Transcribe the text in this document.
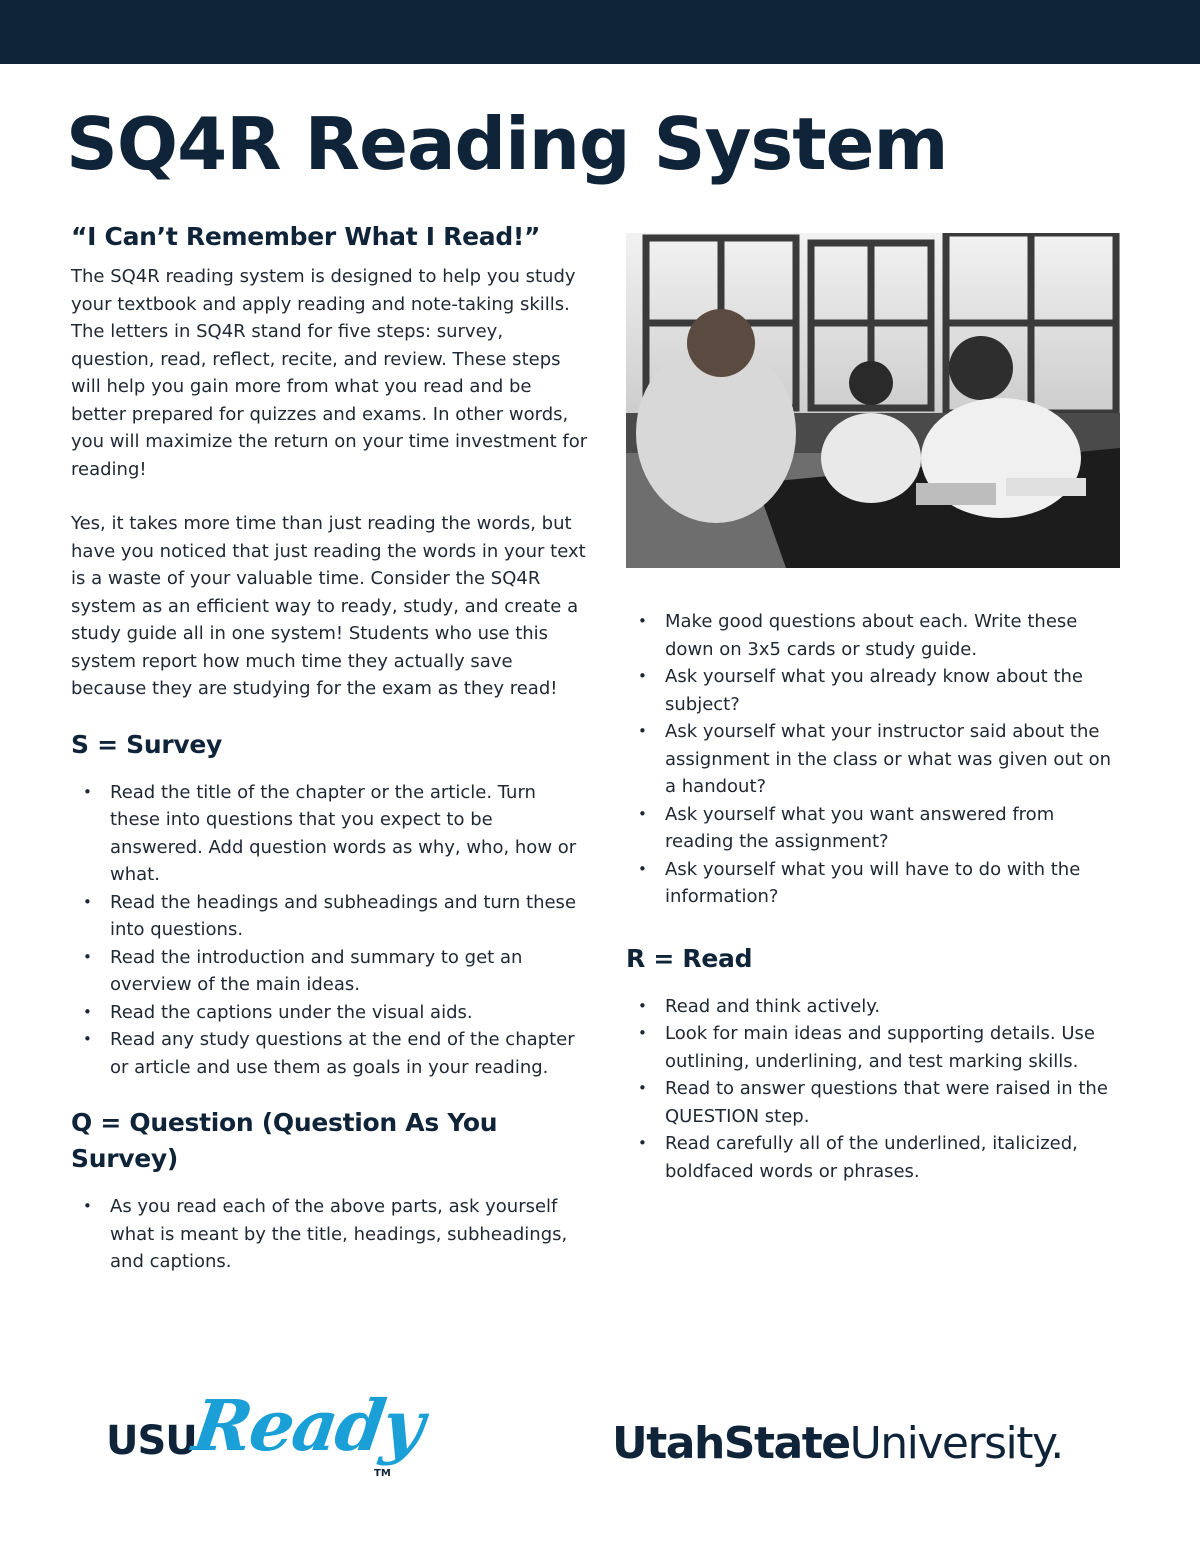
SQ4R Reading System
“I Can’t Remember What I Read!”

The SQ4R reading system is designed to help you study your textbook and apply reading and note-taking skills. The letters in SQ4R stand for five steps: survey, question, read, reflect, recite, and review. These steps will help you gain more from what you read and be better prepared for quizzes and exams. In other words, you will maximize the return on your time investment for reading!

Yes, it takes more time than just reading the words, but have you noticed that just reading the words in your text is a waste of your valuable time. Consider the SQ4R system as an efficient way to ready, study, and create a study guide all in one system! Students who use this system report how much time they actually save because they are studying for the exam as they read!

S = Survey
• Read the title of the chapter or the article. Turn these into questions that you expect to be answered. Add question words as why, who, how or what.
• Read the headings and subheadings and turn these into questions.
• Read the introduction and summary to get an overview of the main ideas.
• Read the captions under the visual aids.
• Read any study questions at the end of the chapter or article and use them as goals in your reading.
Q = Question (Question As You Survey)
• As you read each of the above parts, ask yourself what is meant by the title, headings, subheadings, and captions.
• Make good questions about each. Write these down on 3x5 cards or study guide.
• Ask yourself what you already know about the subject?
• Ask yourself what your instructor said about the assignment in the class or what was given out on a handout?
• Ask yourself what you want answered from reading the assignment?
• Ask yourself what you will have to do with the information?
R = Read
• Read and think actively.
• Look for main ideas and supporting details. Use outlining, underlining, and test marking skills.
• Read to answer questions that were raised in the QUESTION step.
• Read carefully all of the underlined, italicized, boldfaced words or phrases.
USU
Ready
TM
UtahStateUniversity.
